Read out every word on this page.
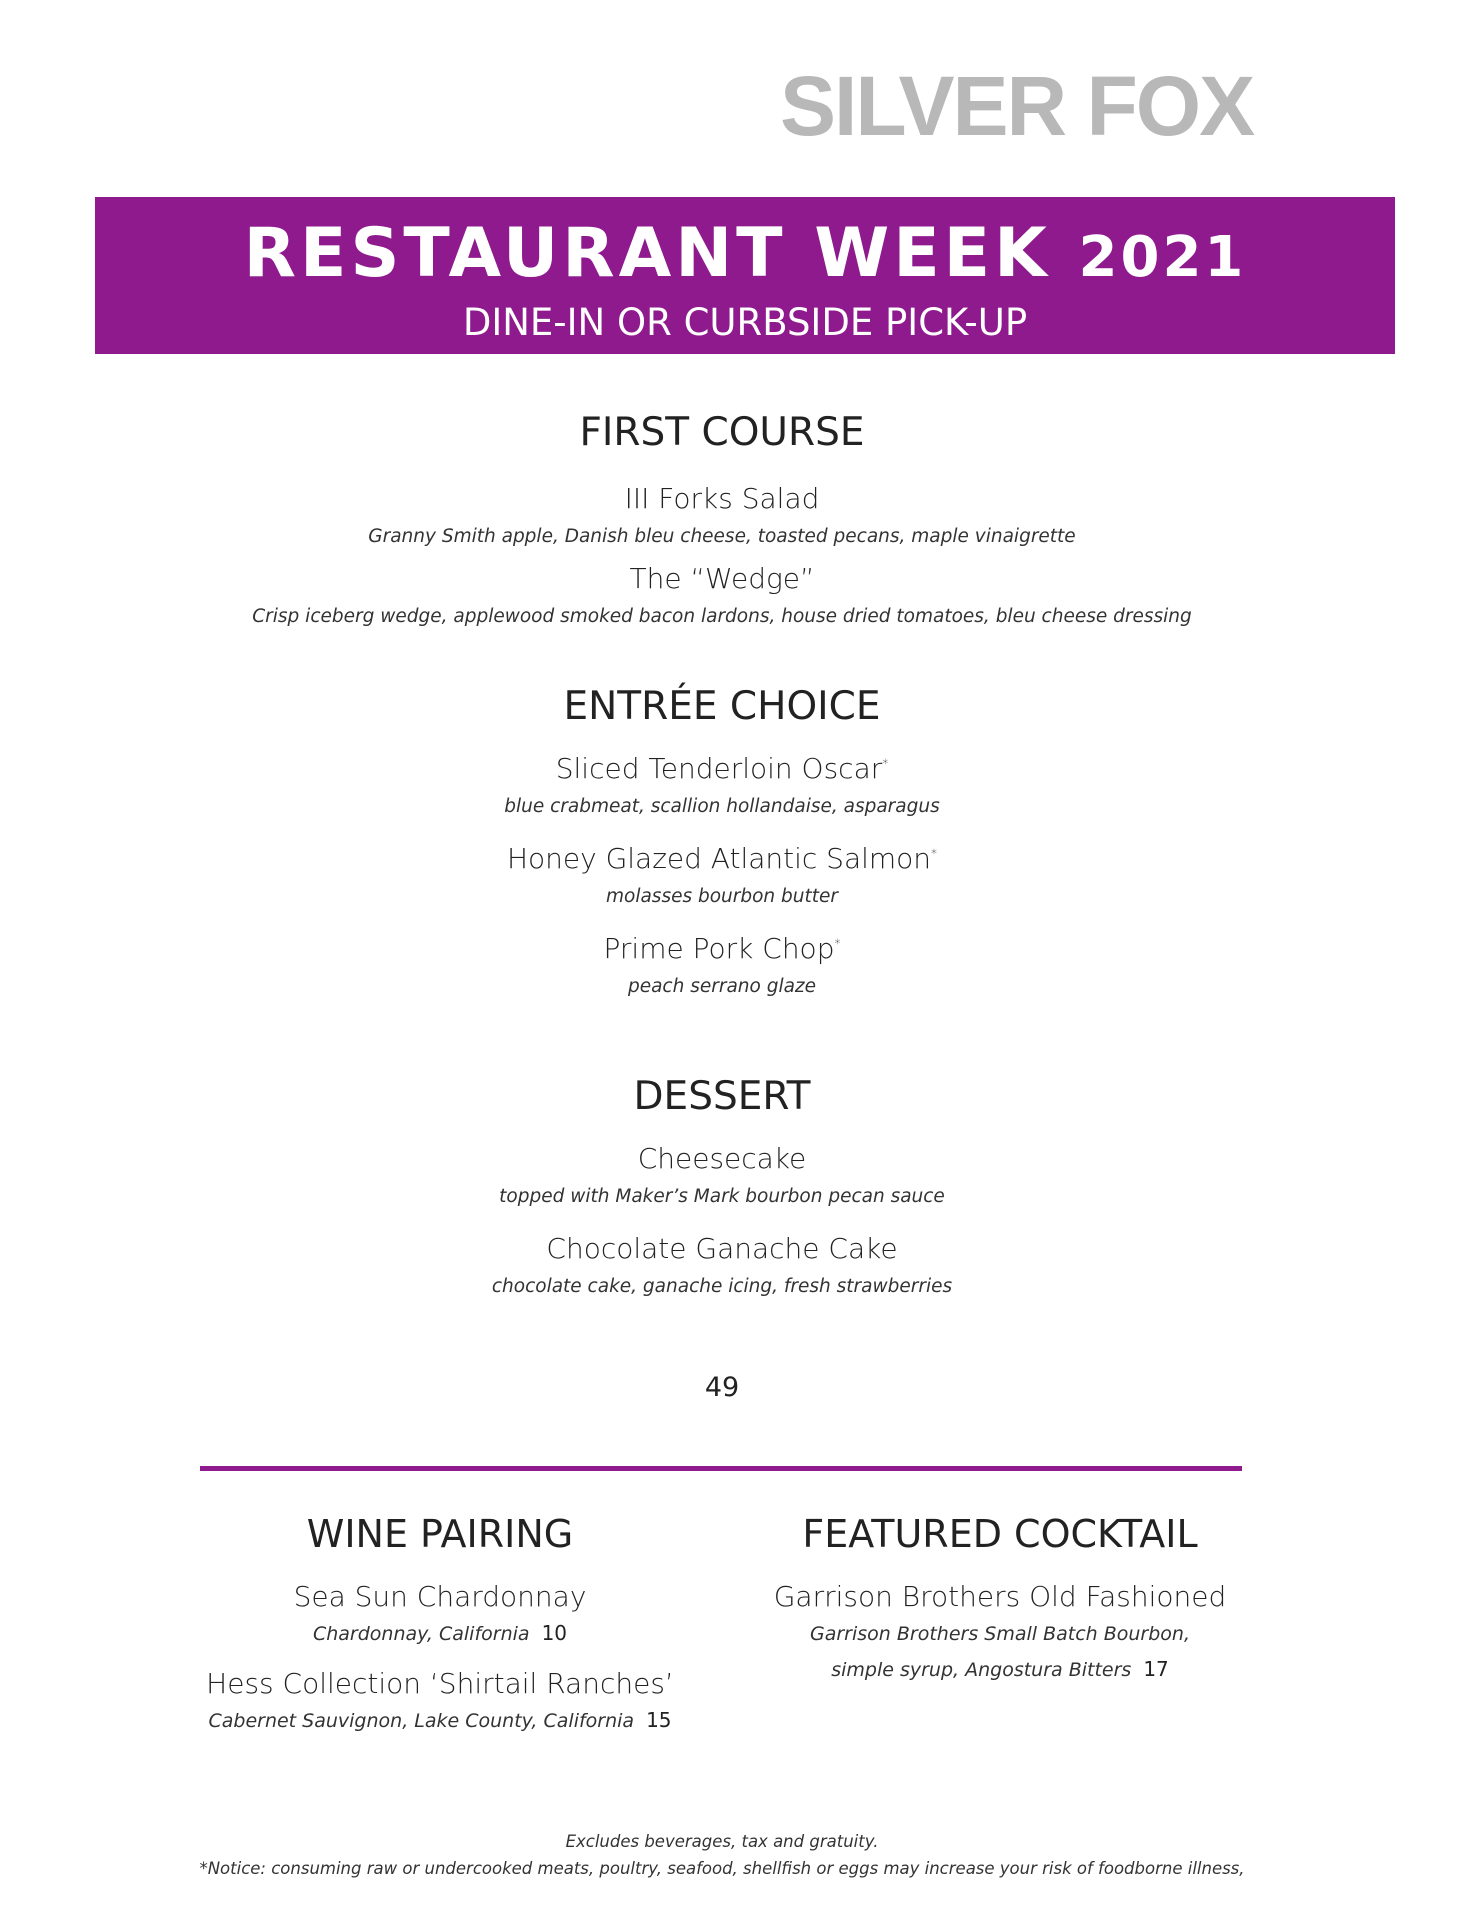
SILVER FOX
RESTAURANT WEEK 2021
DINE-IN OR CURBSIDE PICK-UP
FIRST COURSE
III Forks Salad
Granny Smith apple, Danish bleu cheese, toasted pecans, maple vinaigrette
The “Wedge”
Crisp iceberg wedge, applewood smoked bacon lardons, house dried tomatoes, bleu cheese dressing
ENTRÉE CHOICE
Sliced Tenderloin Oscar*
blue crabmeat, scallion hollandaise, asparagus
Honey Glazed Atlantic Salmon*
molasses bourbon butter
Prime Pork Chop*
peach serrano glaze
DESSERT
Cheesecake
topped with Maker’s Mark bourbon pecan sauce
Chocolate Ganache Cake
chocolate cake, ganache icing, fresh strawberries
49
WINE PAIRING
Sea Sun Chardonnay
Chardonnay, California 10
Hess Collection ‘Shirtail Ranches’
Cabernet Sauvignon, Lake County, California 15
FEATURED COCKTAIL
Garrison Brothers Old Fashioned
Garrison Brothers Small Batch Bourbon,
simple syrup, Angostura Bitters 17
Excludes beverages, tax and gratuity.
*Notice: consuming raw or undercooked meats, poultry, seafood, shellfish or eggs may increase your risk of foodborne illness,
